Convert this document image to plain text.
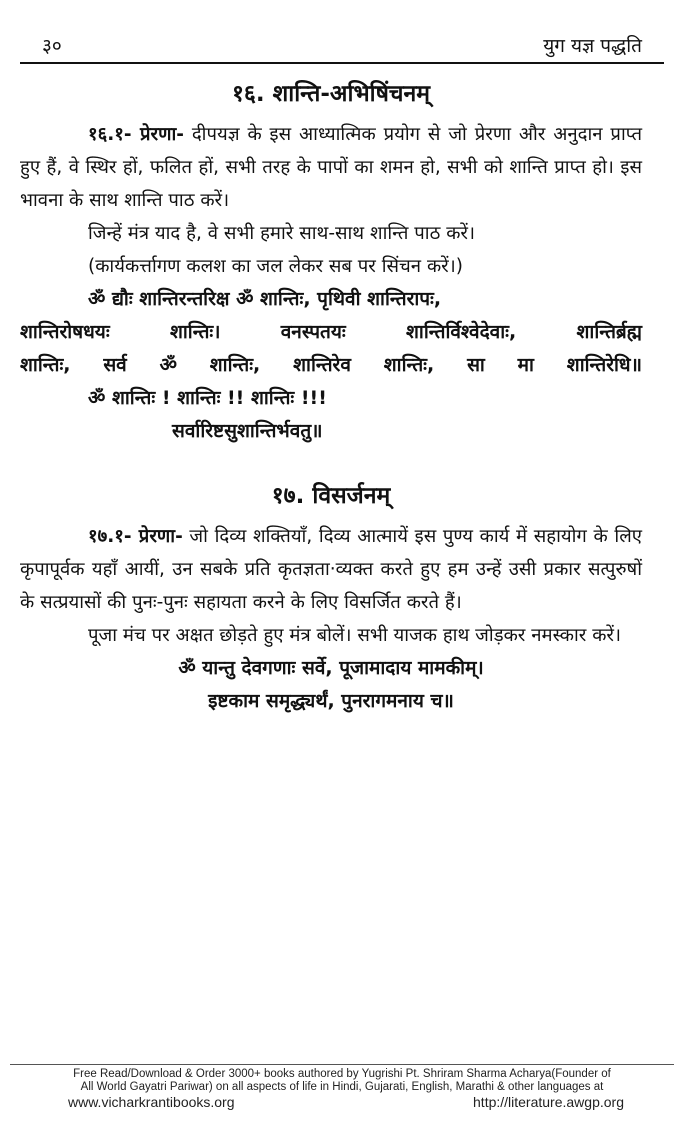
३०	युग यज्ञ पद्धति
१६. शान्ति-अभिषिंचनम्

१६.१- प्रेरणा- दीपयज्ञ के इस आध्यात्मिक प्रयोग से जो प्रेरणा और अनुदान प्राप्त हुए हैं, वे स्थिर हों, फलित हों, सभी तरह के पापों का शमन हो, सभी को शान्ति प्राप्त हो। इस भावना के साथ शान्ति पाठ करें।

जिन्हें मंत्र याद है, वे सभी हमारे साथ-साथ शान्ति पाठ करें।

(कार्यकर्त्तागण कलश का जल लेकर सब पर सिंचन करें।)

ॐ द्यौः शान्तिरन्तरिक्ष ॐ शान्तिः, पृथिवी शान्तिरापः,

शान्तिरोषधयः शान्तिः। वनस्पतयः शान्तिर्विश्वेदेवाः, शान्तिर्ब्रह्म

शान्तिः, सर्व ॐ शान्तिः, शान्तिरेव शान्तिः, सा मा शान्तिरेधि॥

ॐ शान्तिः ! शान्तिः !! शान्तिः !!!

सर्वारिष्टसुशान्तिर्भवतु॥

१७. विसर्जनम्

१७.१- प्रेरणा- जो दिव्य शक्तियाँ, दिव्य आत्मायें इस पुण्य कार्य में सहायोग के लिए कृपापूर्वक यहाँ आयीं, उन सबके प्रति कृतज्ञता·व्यक्त करते हुए हम उन्हें उसी प्रकार सत्पुरुषों के सत्प्रयासों की पुनः-पुनः सहायता करने के लिए विसर्जित करते हैं।

पूजा मंच पर अक्षत छोड़ते हुए मंत्र बोलें। सभी याजक हाथ जोड़कर नमस्कार करें।

ॐ यान्तु देवगणाः सर्वे, पूजामादाय मामकीम्।

इष्टकाम समृद्ध्यर्थं, पुनरागमनाय च॥

Free Read/Download & Order 3000+ books authored by Yugrishi Pt. Shriram Sharma Acharya(Founder of
All World Gayatri Pariwar) on all aspects of life in Hindi, Gujarati, English, Marathi & other languages at
www.vicharkrantibooks.org	http://literature.awgp.org
